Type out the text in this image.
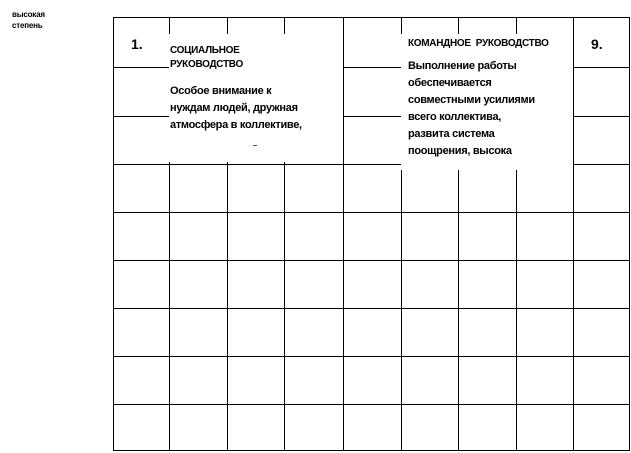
высокая
степень
1.	9.
СОЦИАЛЬНОЕ
РУКОВОДСТВО
Особое внимание к
нуждам людей, дружная
атмосфера в коллективе,
КОМАНДНОЕ  РУКОВОДСТВО
Выполнение работы
обеспечивается
совместными усилиями
всего коллектива,
развита система
поощрения, высока
